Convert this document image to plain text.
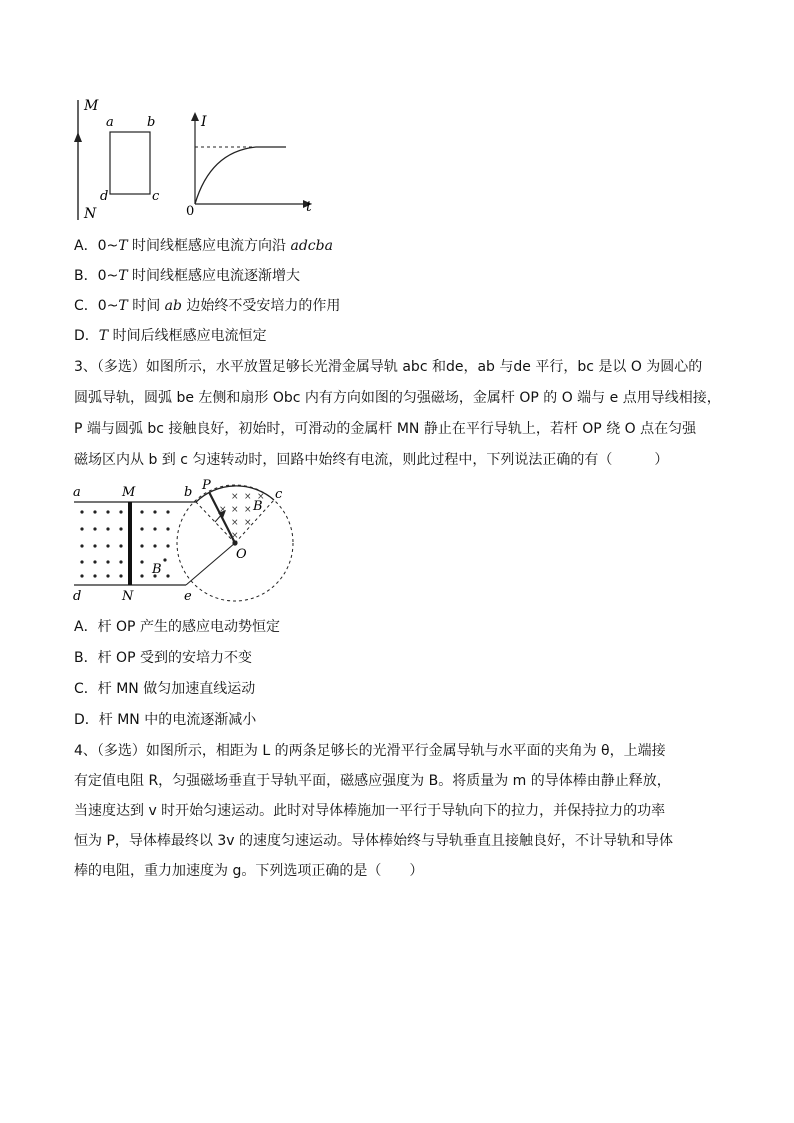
M
N
a	b
d	c
I
t
0
A．0~T 时间线框感应电流方向沿 adcba
B．0~T 时间线框感应电流逐渐增大
C．0~T 时间 ab 边始终不受安培力的作用
D．T 时间后线框感应电流恒定
3、（多选）如图所示，水平放置足够长光滑金属导轨 abc 和de，ab 与de 平行，bc 是以 O 为圆心的
圆弧导轨，圆弧 be 左侧和扇形 Obc 内有方向如图的匀强磁场，金属杆 OP 的 O 端与 e 点用导线相接，
P 端与圆弧 bc 接触良好，初始时，可滑动的金属杆 MN 静止在平行导轨上，若杆 OP 绕 O 点在匀强
磁场区内从 b 到 c 匀速转动时，回路中始终有电流，则此过程中，下列说法正确的有（　　　）
× × ×
× × ×
× ×
×
a	M	b P
c
B
O
B
d	N	e
A．杆 OP 产生的感应电动势恒定
B．杆 OP 受到的安培力不变
C．杆 MN 做匀加速直线运动
D．杆 MN 中的电流逐渐减小
4、（多选）如图所示，相距为 L 的两条足够长的光滑平行金属导轨与水平面的夹角为 θ，上端接
有定值电阻 R，匀强磁场垂直于导轨平面，磁感应强度为 B。将质量为 m 的导体棒由静止释放，
当速度达到 v 时开始匀速运动。此时对导体棒施加一平行于导轨向下的拉力，并保持拉力的功率
恒为 P，导体棒最终以 3v 的速度匀速运动。导体棒始终与导轨垂直且接触良好，不计导轨和导体
棒的电阻，重力加速度为 g。下列选项正确的是（　　）
